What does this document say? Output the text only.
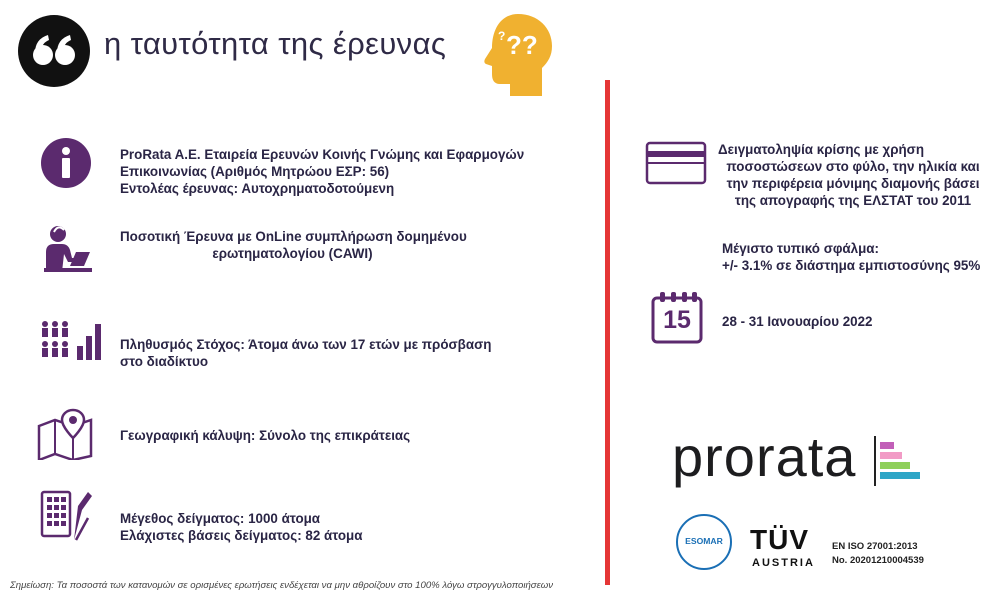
η ταυτότητα της έρευνας ??
?
ProRata A.E. Εταιρεία Ερευνών Κοινής Γνώμης και Εφαρμογών
Επικοινωνίας (Αριθμός Μητρώου ΕΣΡ: 56)
Εντολέας έρευνας: Αυτοχρηματοδοτούμενη
Ποσοτική Έρευνα με OnLine συμπλήρωση δομημένου
ερωτηματολογίου (CAWI)
Πληθυσμός Στόχος: Άτομα άνω των 17 ετών με πρόσβαση
στο διαδίκτυο
Γεωγραφική κάλυψη: Σύνολο της επικράτειας
Μέγεθος δείγματος: 1000 άτομα
Ελάχιστες βάσεις δείγματος: 82 άτομα
15
Δειγματοληψία κρίσης με χρήση
ποσοστώσεων στο φύλο, την ηλικία και
την περιφέρεια μόνιμης διαμονής βάσει
της απογραφής της ΕΛΣΤΑΤ του 2011
Μέγιστο τυπικό σφάλμα:
+/- 3.1% σε διάστημα εμπιστοσύνης 95%
28 - 31 Ιανουαρίου 2022
prorata
ESOMAR TÜV
AUSTRIA
EN ISO 27001:2013
No. 20201210004539
Σημείωση: Τα ποσοστά των κατανομών σε ορισμένες ερωτήσεις ενδέχεται να μην αθροίζουν στο 100% λόγω στρογγυλοποιήσεων
